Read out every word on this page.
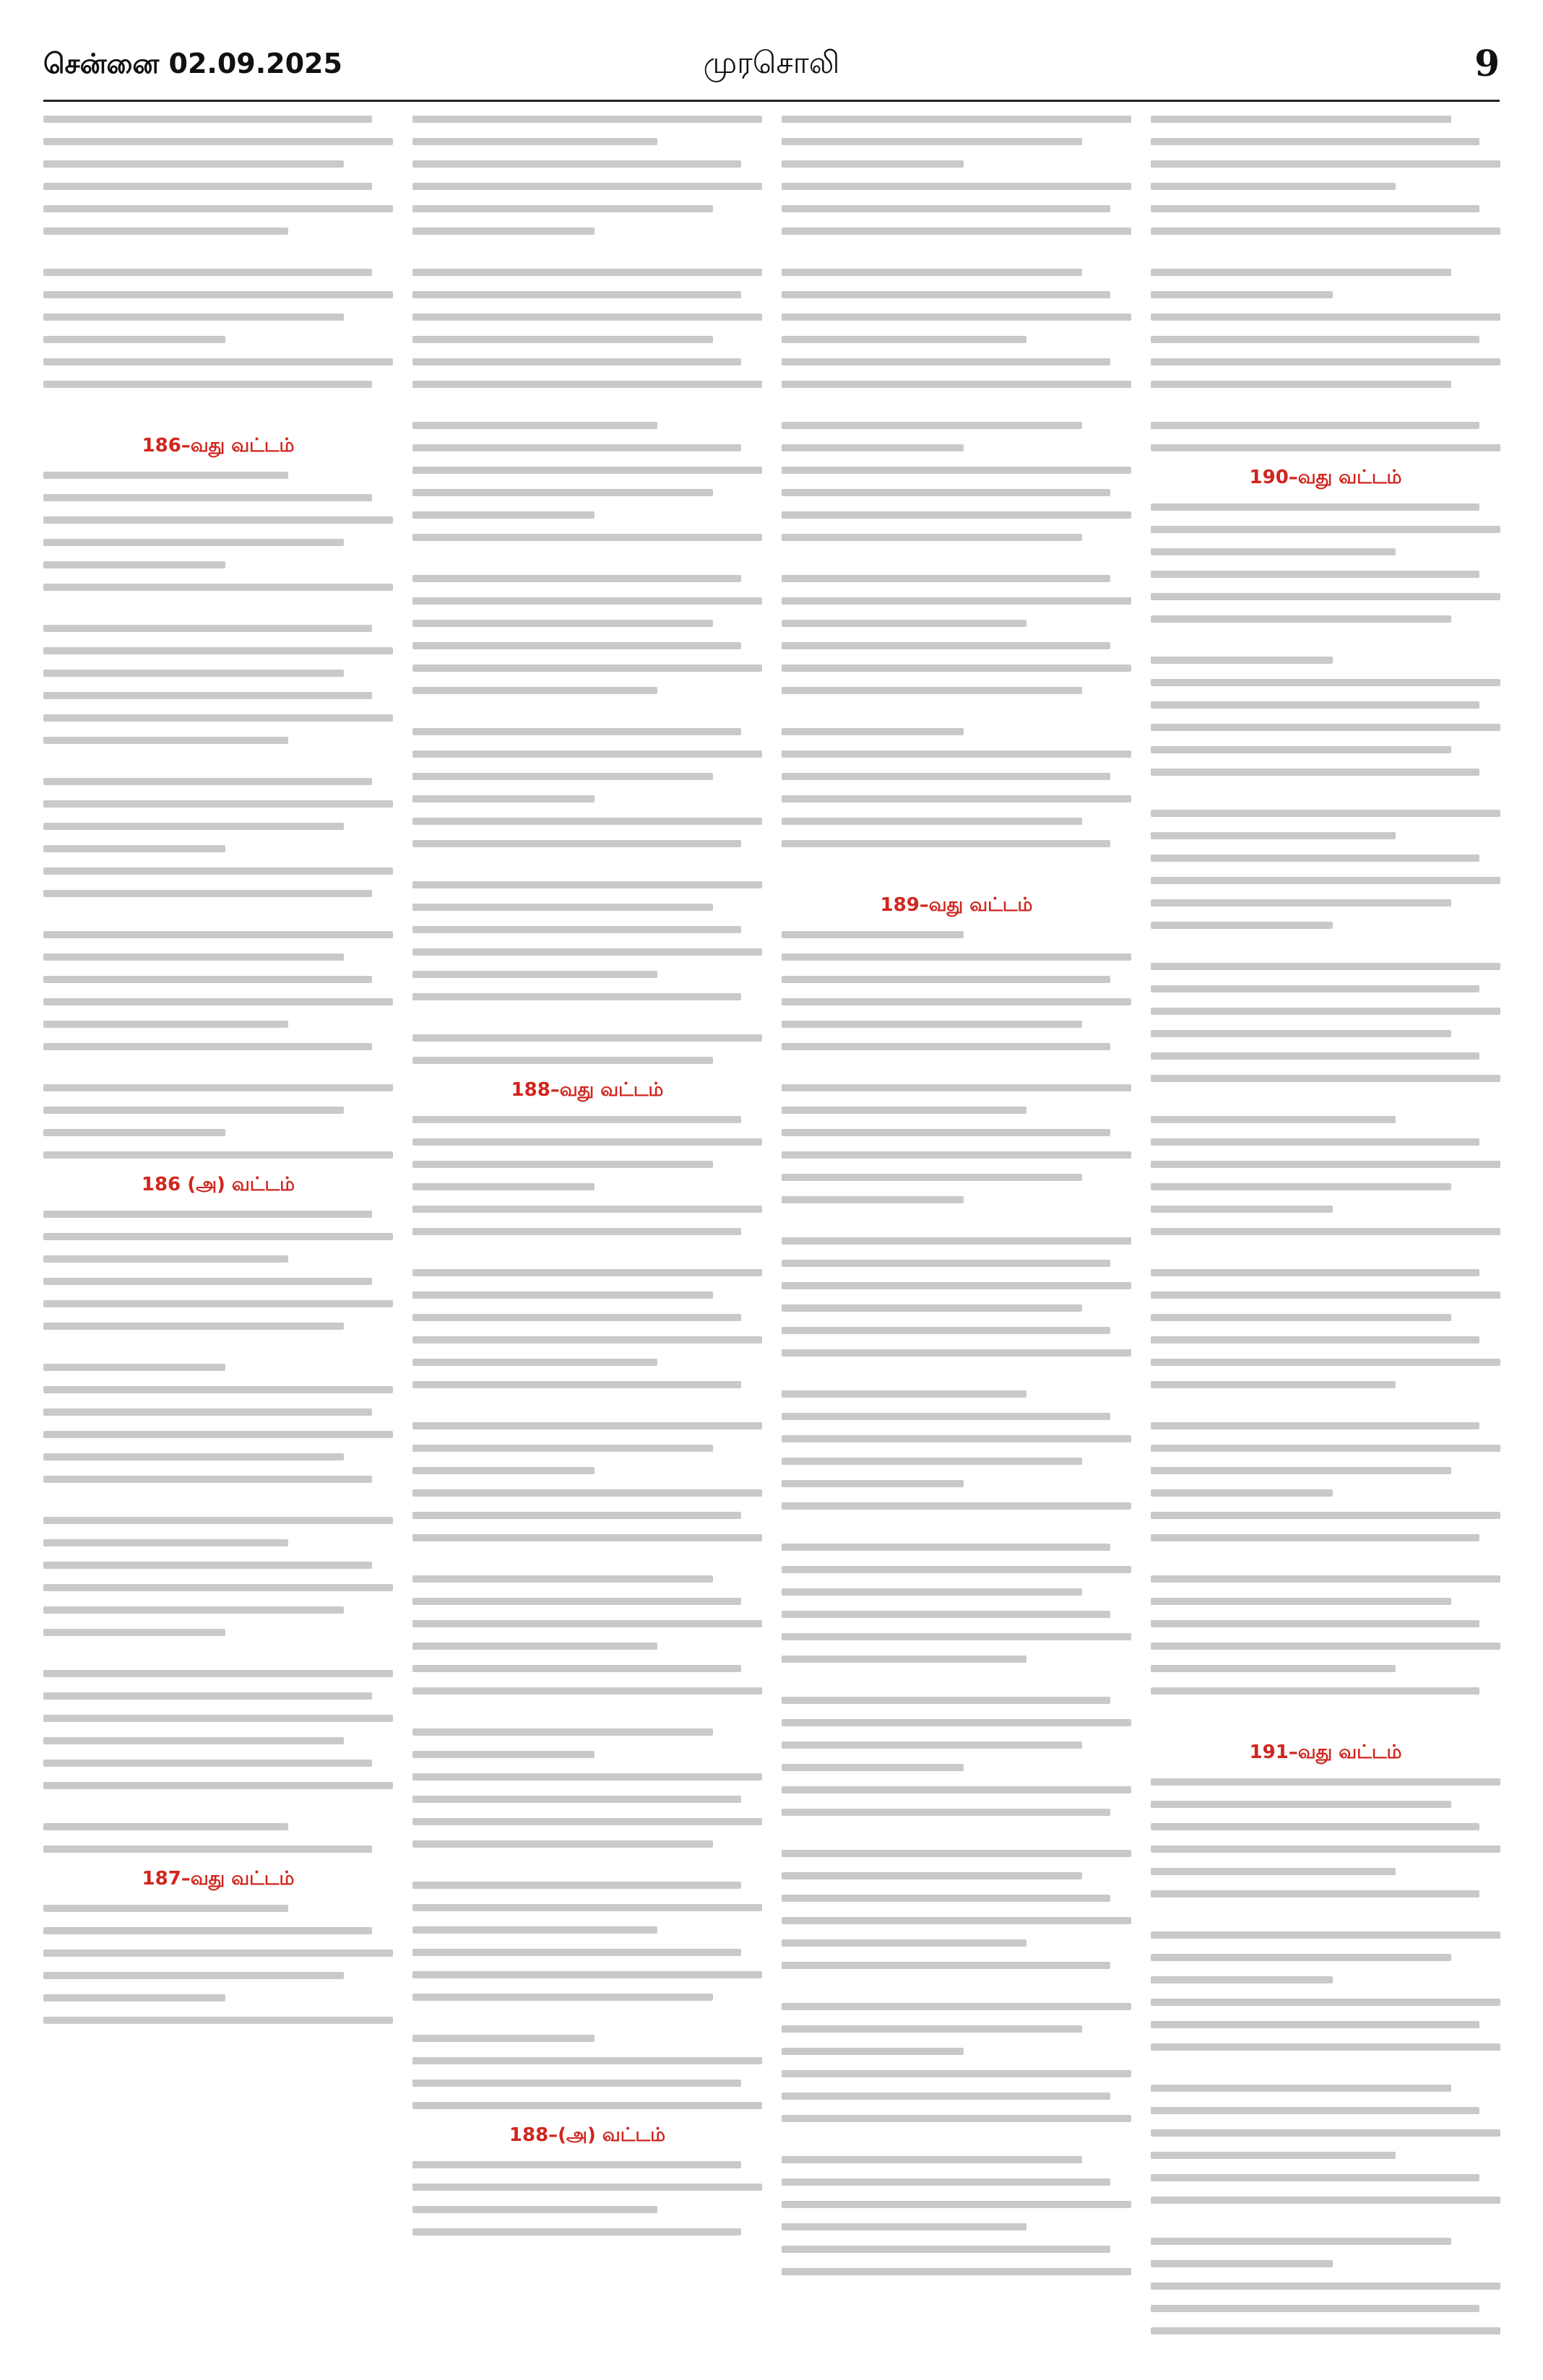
சென்னை 02.09.2025	முரசொலி	9
186–வது வட்டம்
186 (அ) வட்டம்
187–வது வட்டம்
188–வது வட்டம்
188–(அ) வட்டம்
189–வது வட்டம்
190–வது வட்டம்
191–வது வட்டம்
